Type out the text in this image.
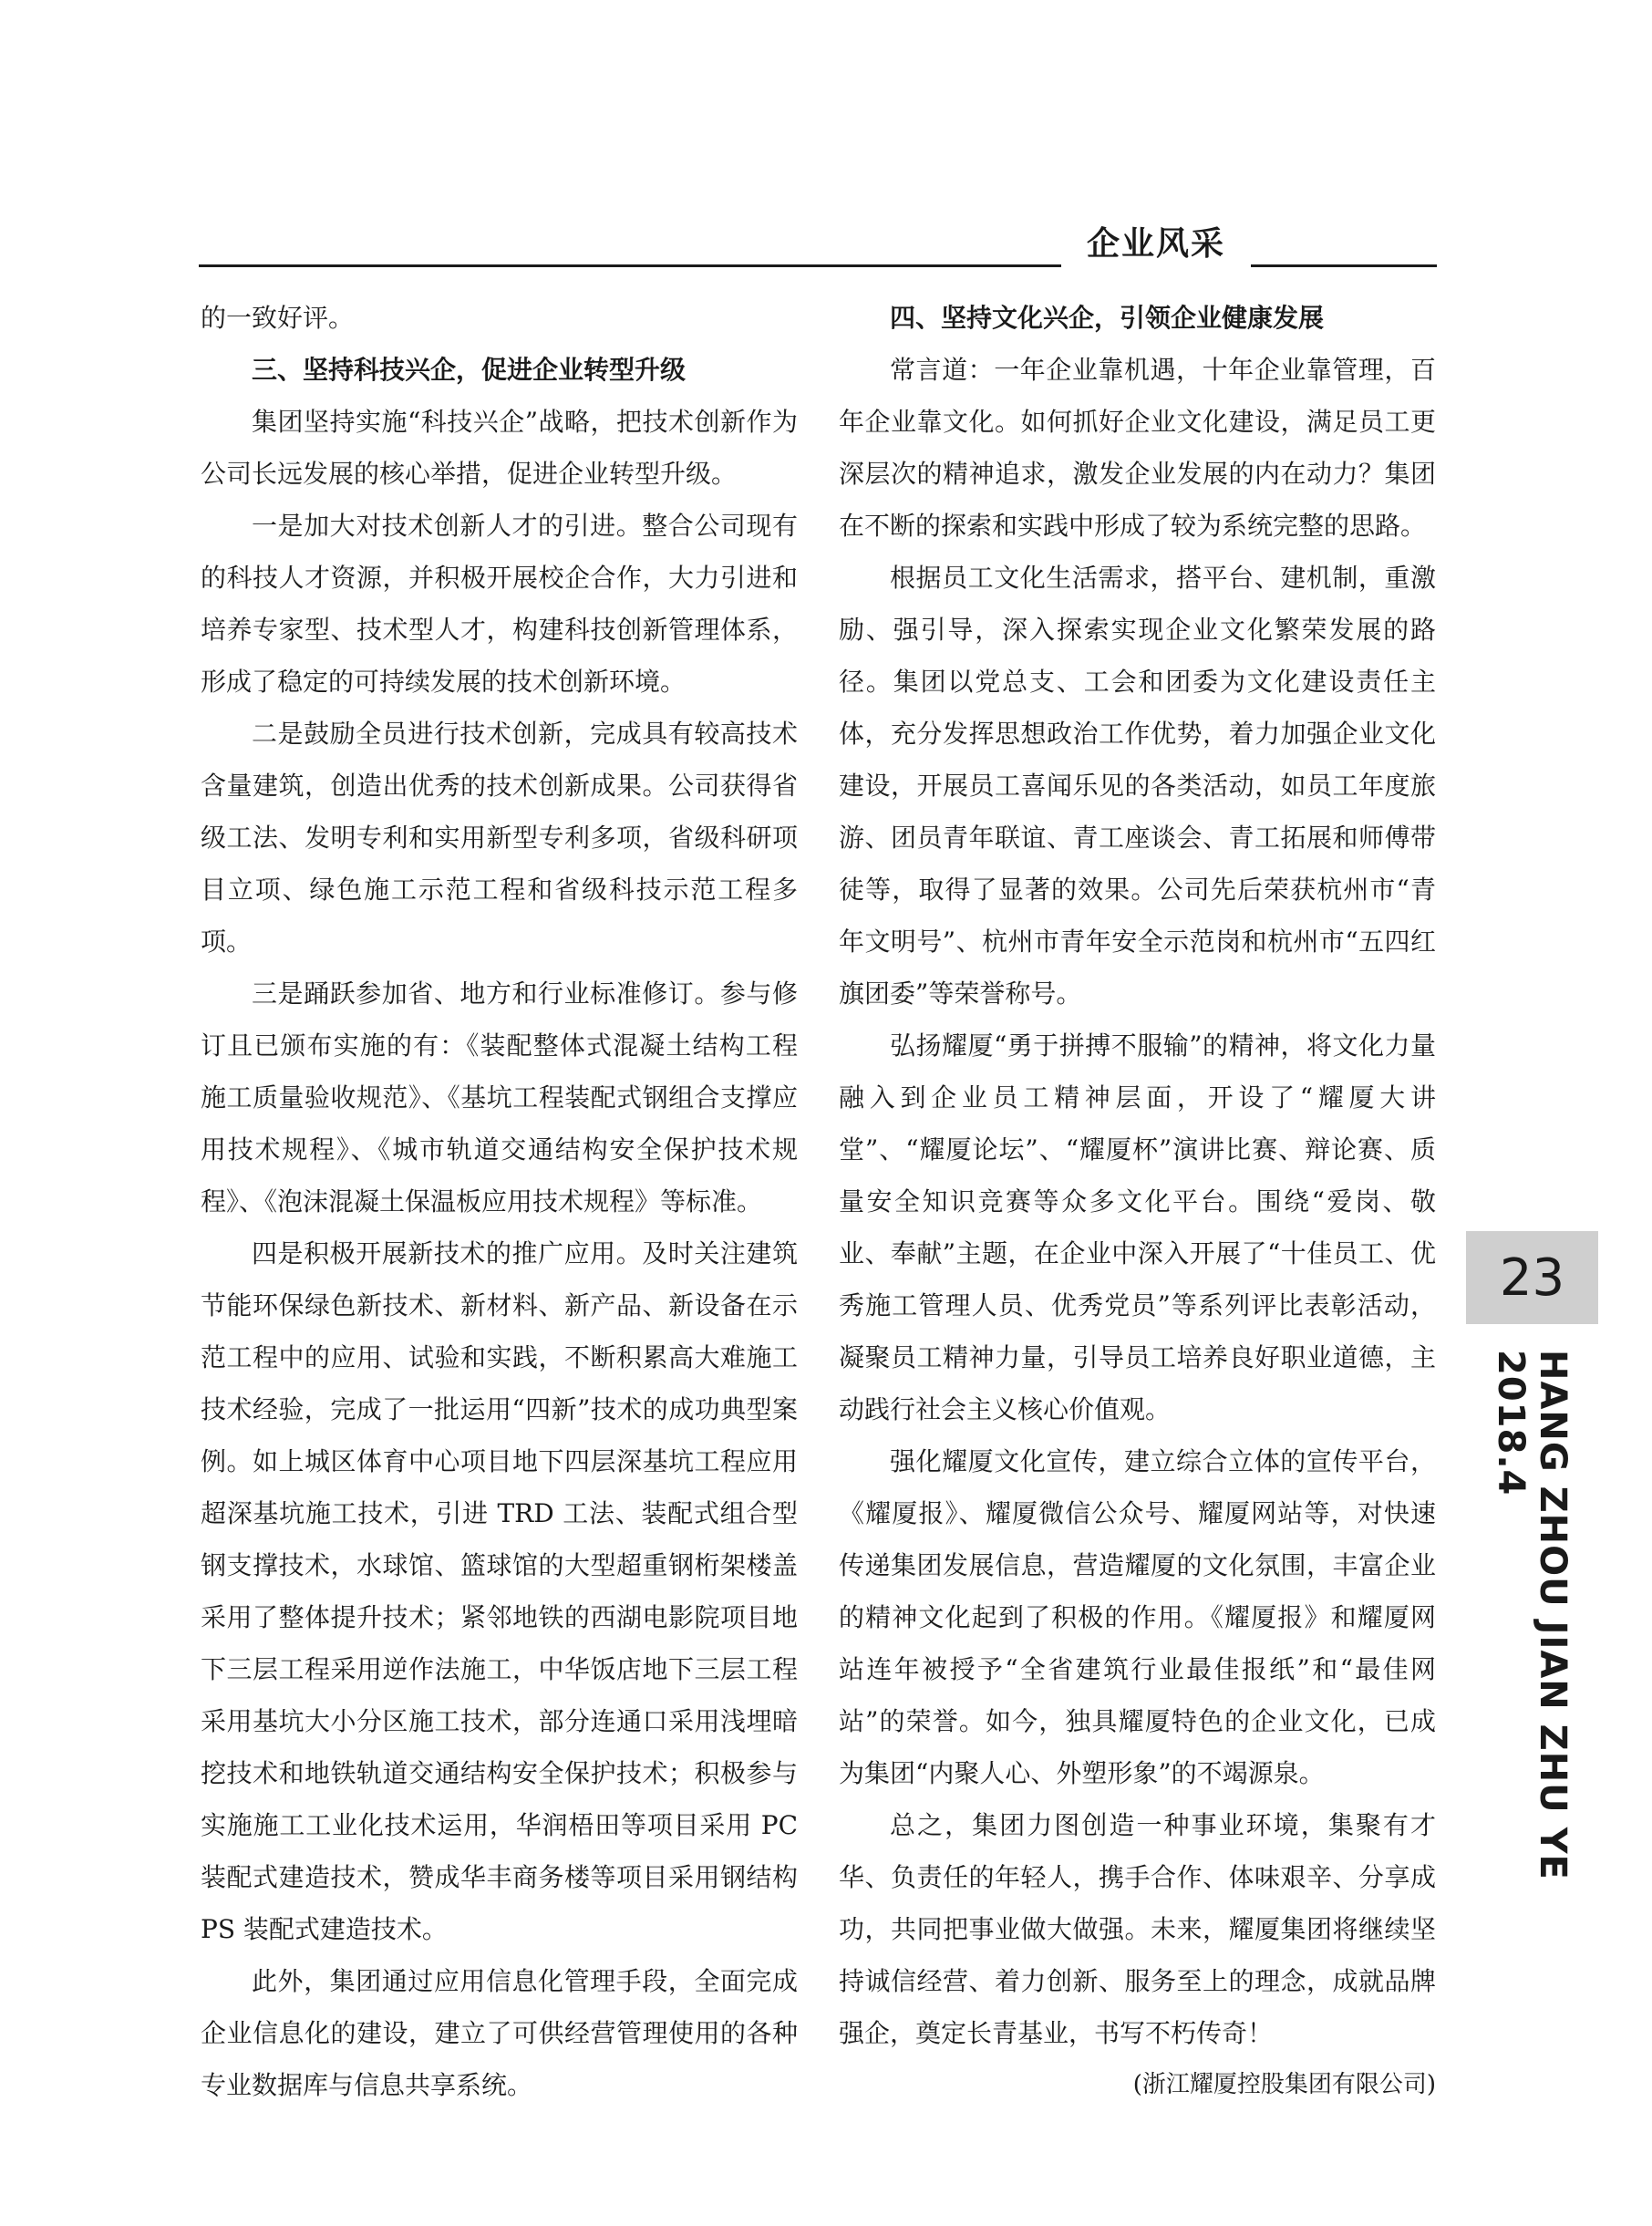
企业风采

的一致好评。

三、坚持科技兴企，促进企业转型升级

集团坚持实施“科技兴企”战略，把技术创新作为公司长远发展的核心举措，促进企业转型升级。

一是加大对技术创新人才的引进。整合公司现有的科技人才资源，并积极开展校企合作，大力引进和培养专家型、技术型人才，构建科技创新管理体系，形成了稳定的可持续发展的技术创新环境。

二是鼓励全员进行技术创新，完成具有较高技术含量建筑，创造出优秀的技术创新成果。公司获得省级工法、发明专利和实用新型专利多项，省级科研项目立项、绿色施工示范工程和省级科技示范工程多项。

三是踊跃参加省、地方和行业标准修订。参与修订且已颁布实施的有：《装配整体式混凝土结构工程施工质量验收规范》、《基坑工程装配式钢组合支撑应用技术规程》、《城市轨道交通结构安全保护技术规程》、《泡沫混凝土保温板应用技术规程》等标准。

四是积极开展新技术的推广应用。及时关注建筑节能环保绿色新技术、新材料、新产品、新设备在示范工程中的应用、试验和实践，不断积累高大难施工技术经验，完成了一批运用“四新”技术的成功典型案例。如上城区体育中心项目地下四层深基坑工程应用超深基坑施工技术，引进 TRD 工法、装配式组合型钢支撑技术，水球馆、篮球馆的大型超重钢桁架楼盖采用了整体提升技术；紧邻地铁的西湖电影院项目地下三层工程采用逆作法施工，中华饭店地下三层工程采用基坑大小分区施工技术，部分连通口采用浅埋暗挖技术和地铁轨道交通结构安全保护技术；积极参与实施施工工业化技术运用，华润梧田等项目采用 PC 装配式建造技术，赞成华丰商务楼等项目采用钢结构 PS 装配式建造技术。

此外，集团通过应用信息化管理手段，全面完成企业信息化的建设，建立了可供经营管理使用的各种专业数据库与信息共享系统。

四、坚持文化兴企，引领企业健康发展

常言道：一年企业靠机遇，十年企业靠管理，百年企业靠文化。如何抓好企业文化建设，满足员工更深层次的精神追求，激发企业发展的内在动力？集团在不断的探索和实践中形成了较为系统完整的思路。

根据员工文化生活需求，搭平台、建机制，重激励、强引导，深入探索实现企业文化繁荣发展的路径。集团以党总支、工会和团委为文化建设责任主体，充分发挥思想政治工作优势，着力加强企业文化建设，开展员工喜闻乐见的各类活动，如员工年度旅游、团员青年联谊、青工座谈会、青工拓展和师傅带徒等，取得了显著的效果。公司先后荣获杭州市“青年文明号”、杭州市青年安全示范岗和杭州市“五四红旗团委”等荣誉称号。

弘扬耀厦“勇于拼搏不服输”的精神，将文化力量融入到企业员工精神层面，开设了“耀厦大讲堂”、“耀厦论坛”、“耀厦杯”演讲比赛、辩论赛、质量安全知识竞赛等众多文化平台。围绕“爱岗、敬业、奉献”主题，在企业中深入开展了“十佳员工、优秀施工管理人员、优秀党员”等系列评比表彰活动，凝聚员工精神力量，引导员工培养良好职业道德，主动践行社会主义核心价值观。

强化耀厦文化宣传，建立综合立体的宣传平台，《耀厦报》、耀厦微信公众号、耀厦网站等，对快速传递集团发展信息，营造耀厦的文化氛围，丰富企业的精神文化起到了积极的作用。《耀厦报》和耀厦网站连年被授予“全省建筑行业最佳报纸”和“最佳网站”的荣誉。如今，独具耀厦特色的企业文化，已成为集团“内聚人心、外塑形象”的不竭源泉。

总之，集团力图创造一种事业环境，集聚有才华、负责任的年轻人，携手合作、体味艰辛、分享成功，共同把事业做大做强。未来，耀厦集团将继续坚持诚信经营、着力创新、服务至上的理念，成就品牌强企，奠定长青基业，书写不朽传奇！

(浙江耀厦控股集团有限公司)
23
HANG ZHOU JIAN ZHU YE 2018.4
